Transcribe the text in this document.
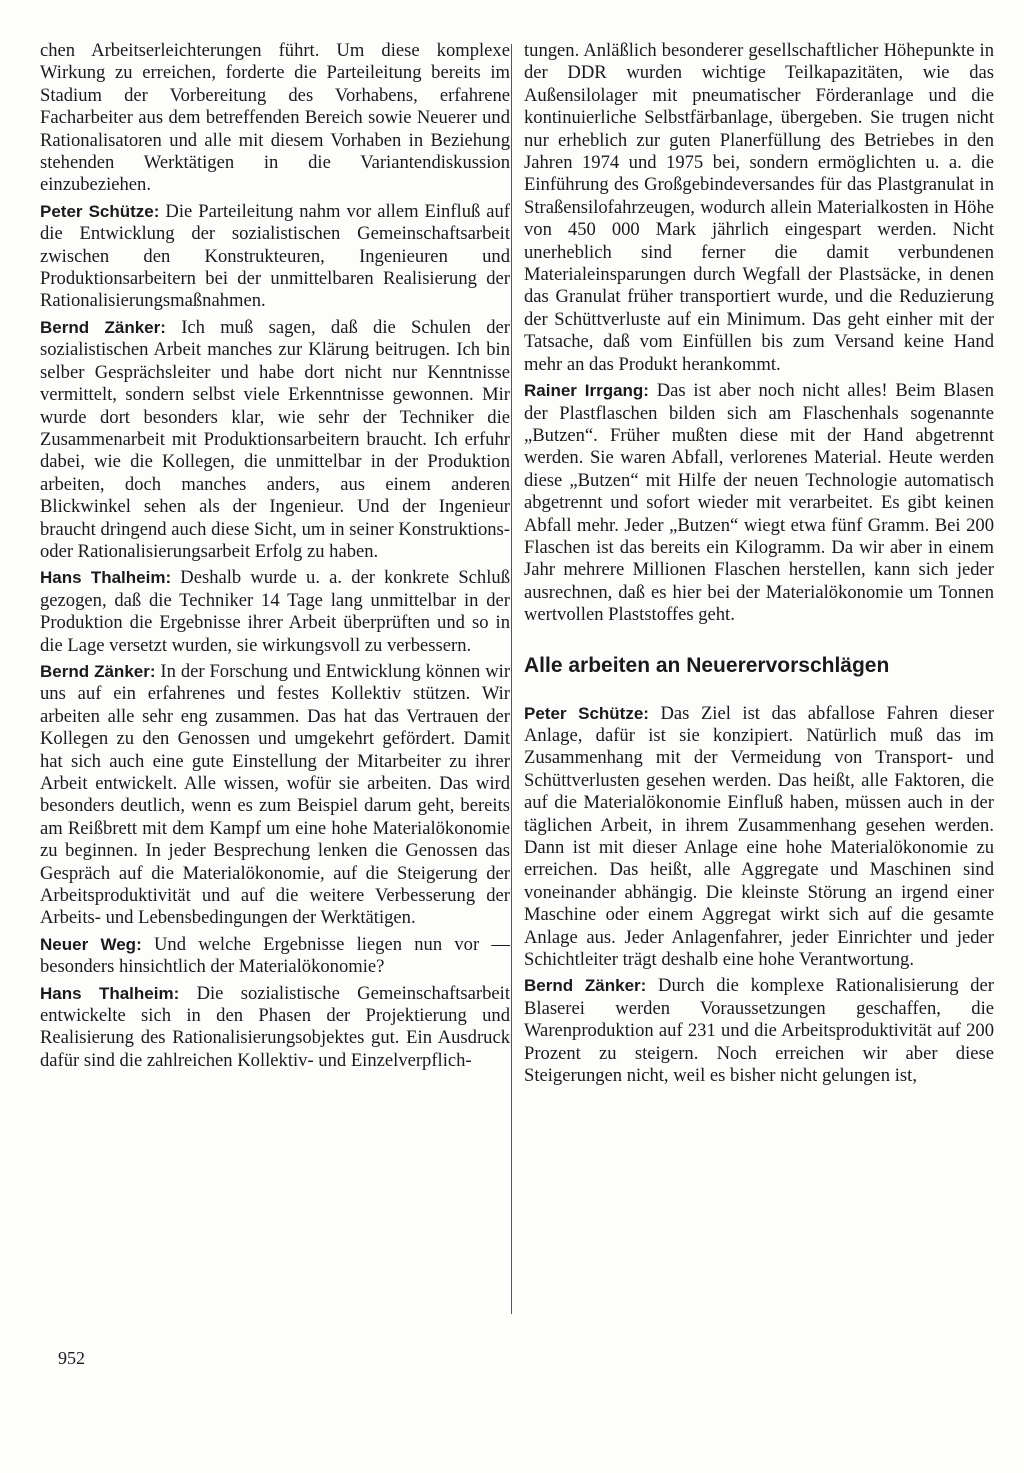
chen Arbeitserleichterungen führt. Um diese komplexe Wirkung zu erreichen, forderte die Parteileitung bereits im Stadium der Vorbereitung des Vorhabens, erfahrene Facharbeiter aus dem betreffenden Bereich sowie Neuerer und Rationalisatoren und alle mit diesem Vorhaben in Beziehung stehenden Werktätigen in die Variantendiskussion einzubeziehen.

Peter Schütze: Die Parteileitung nahm vor allem Einfluß auf die Entwicklung der sozialistischen Gemeinschaftsarbeit zwischen den Konstrukteuren, Ingenieuren und Produktionsarbeitern bei der unmittelbaren Realisierung der Rationalisierungsmaßnahmen.

Bernd Zänker: Ich muß sagen, daß die Schulen der sozialistischen Arbeit manches zur Klärung beitrugen. Ich bin selber Gesprächsleiter und habe dort nicht nur Kenntnisse vermittelt, sondern selbst viele Erkenntnisse gewonnen. Mir wurde dort besonders klar, wie sehr der Techniker die Zusammenarbeit mit Produktionsarbeitern braucht. Ich erfuhr dabei, wie die Kollegen, die unmittelbar in der Produktion arbeiten, doch manches anders, aus einem anderen Blickwinkel sehen als der Ingenieur. Und der Ingenieur braucht dringend auch diese Sicht, um in seiner Konstruktions- oder Rationalisierungsarbeit Erfolg zu haben.

Hans Thalheim: Deshalb wurde u. a. der konkrete Schluß gezogen, daß die Techniker 14 Tage lang unmittelbar in der Produktion die Ergebnisse ihrer Arbeit überprüften und so in die Lage versetzt wurden, sie wirkungsvoll zu verbessern.

Bernd Zänker: In der Forschung und Entwicklung können wir uns auf ein erfahrenes und festes Kollektiv stützen. Wir arbeiten alle sehr eng zusammen. Das hat das Vertrauen der Kollegen zu den Genossen und umgekehrt gefördert. Damit hat sich auch eine gute Einstellung der Mitarbeiter zu ihrer Arbeit entwickelt. Alle wissen, wofür sie arbeiten. Das wird besonders deutlich, wenn es zum Beispiel darum geht, bereits am Reißbrett mit dem Kampf um eine hohe Materialökonomie zu beginnen. In jeder Besprechung lenken die Genossen das Gespräch auf die Materialökonomie, auf die Steigerung der Arbeitsproduktivität und auf die weitere Verbesserung der Arbeits- und Lebensbedingungen der Werktätigen.

Neuer Weg: Und welche Ergebnisse liegen nun vor — besonders hinsichtlich der Materialökonomie?

Hans Thalheim: Die sozialistische Gemeinschaftsarbeit entwickelte sich in den Phasen der Projektierung und Realisierung des Rationalisierungsobjektes gut. Ein Ausdruck dafür sind die zahlreichen Kollektiv- und Einzelverpflich-

tungen. Anläßlich besonderer gesellschaftlicher Höhepunkte in der DDR wurden wichtige Teilkapazitäten, wie das Außensilolager mit pneumatischer Förderanlage und die kontinuierliche Selbstfärbanlage, übergeben. Sie trugen nicht nur erheblich zur guten Planerfüllung des Betriebes in den Jahren 1974 und 1975 bei, sondern ermöglichten u. a. die Einführung des Großgebindeversandes für das Plastgranulat in Straßensilofahrzeugen, wodurch allein Materialkosten in Höhe von 450 000 Mark jährlich eingespart werden. Nicht unerheblich sind ferner die damit verbundenen Materialeinsparungen durch Wegfall der Plastsäcke, in denen das Granulat früher transportiert wurde, und die Reduzierung der Schüttverluste auf ein Minimum. Das geht einher mit der Tatsache, daß vom Einfüllen bis zum Versand keine Hand mehr an das Produkt herankommt.

Rainer Irrgang: Das ist aber noch nicht alles! Beim Blasen der Plastflaschen bilden sich am Flaschenhals sogenannte „Butzen“. Früher mußten diese mit der Hand abgetrennt werden. Sie waren Abfall, verlorenes Material. Heute werden diese „Butzen“ mit Hilfe der neuen Technologie automatisch abgetrennt und sofort wieder mit verarbeitet. Es gibt keinen Abfall mehr. Jeder „Butzen“ wiegt etwa fünf Gramm. Bei 200 Flaschen ist das bereits ein Kilogramm. Da wir aber in einem Jahr mehrere Millionen Flaschen herstellen, kann sich jeder ausrechnen, daß es hier bei der Materialökonomie um Tonnen wertvollen Plaststoffes geht.

Alle arbeiten an Neuerervorschlägen

Peter Schütze: Das Ziel ist das abfallose Fahren dieser Anlage, dafür ist sie konzipiert. Natürlich muß das im Zusammenhang mit der Vermeidung von Transport- und Schüttverlusten gesehen werden. Das heißt, alle Faktoren, die auf die Materialökonomie Einfluß haben, müssen auch in der täglichen Arbeit, in ihrem Zusammenhang gesehen werden. Dann ist mit dieser Anlage eine hohe Materialökonomie zu erreichen. Das heißt, alle Aggregate und Maschinen sind voneinander abhängig. Die kleinste Störung an irgend einer Maschine oder einem Aggregat wirkt sich auf die gesamte Anlage aus. Jeder Anlagenfahrer, jeder Einrichter und jeder Schichtleiter trägt deshalb eine hohe Verantwortung.

Bernd Zänker: Durch die komplexe Rationalisierung der Blaserei werden Voraussetzungen geschaffen, die Warenproduktion auf 231 und die Arbeitsproduktivität auf 200 Prozent zu steigern. Noch erreichen wir aber diese Steigerungen nicht, weil es bisher nicht gelungen ist,

952
